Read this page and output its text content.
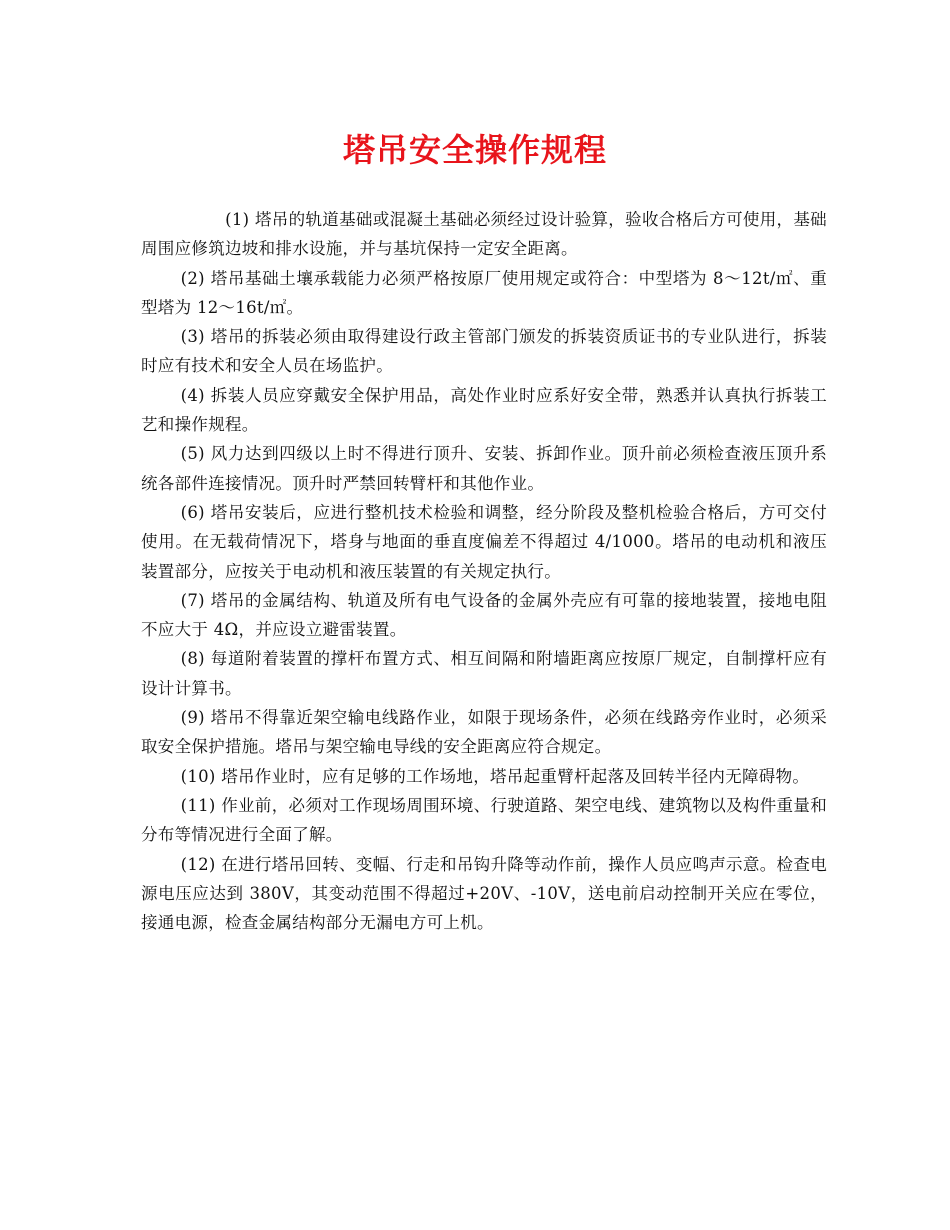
塔吊安全操作规程

(1) 塔吊的轨道基础或混凝土基础必须经过设计验算，验收合格后方可使用，基础周围应修筑边坡和排水设施，并与基坑保持一定安全距离。

(2) 塔吊基础土壤承载能力必须严格按原厂使用规定或符合：中型塔为 8～12t/㎡、重型塔为 12～16t/㎡。

(3) 塔吊的拆装必须由取得建设行政主管部门颁发的拆装资质证书的专业队进行，拆装时应有技术和安全人员在场监护。

(4) 拆装人员应穿戴安全保护用品，高处作业时应系好安全带，熟悉并认真执行拆装工艺和操作规程。

(5) 风力达到四级以上时不得进行顶升、安装、拆卸作业。顶升前必须检查液压顶升系统各部件连接情况。顶升时严禁回转臂杆和其他作业。

(6) 塔吊安装后，应进行整机技术检验和调整，经分阶段及整机检验合格后，方可交付使用。在无载荷情况下，塔身与地面的垂直度偏差不得超过 4/1000。塔吊的电动机和液压装置部分，应按关于电动机和液压装置的有关规定执行。

(7) 塔吊的金属结构、轨道及所有电气设备的金属外壳应有可靠的接地装置，接地电阻不应大于 4Ω，并应设立避雷装置。

(8) 每道附着装置的撑杆布置方式、相互间隔和附墙距离应按原厂规定，自制撑杆应有设计计算书。

(9) 塔吊不得靠近架空输电线路作业，如限于现场条件，必须在线路旁作业时，必须采取安全保护措施。塔吊与架空输电导线的安全距离应符合规定。

(10) 塔吊作业时，应有足够的工作场地，塔吊起重臂杆起落及回转半径内无障碍物。

(11) 作业前，必须对工作现场周围环境、行驶道路、架空电线、建筑物以及构件重量和分布等情况进行全面了解。

(12) 在进行塔吊回转、变幅、行走和吊钩升降等动作前，操作人员应鸣声示意。检查电源电压应达到 380V，其变动范围不得超过+20V、-10V，送电前启动控制开关应在零位，接通电源，检查金属结构部分无漏电方可上机。
